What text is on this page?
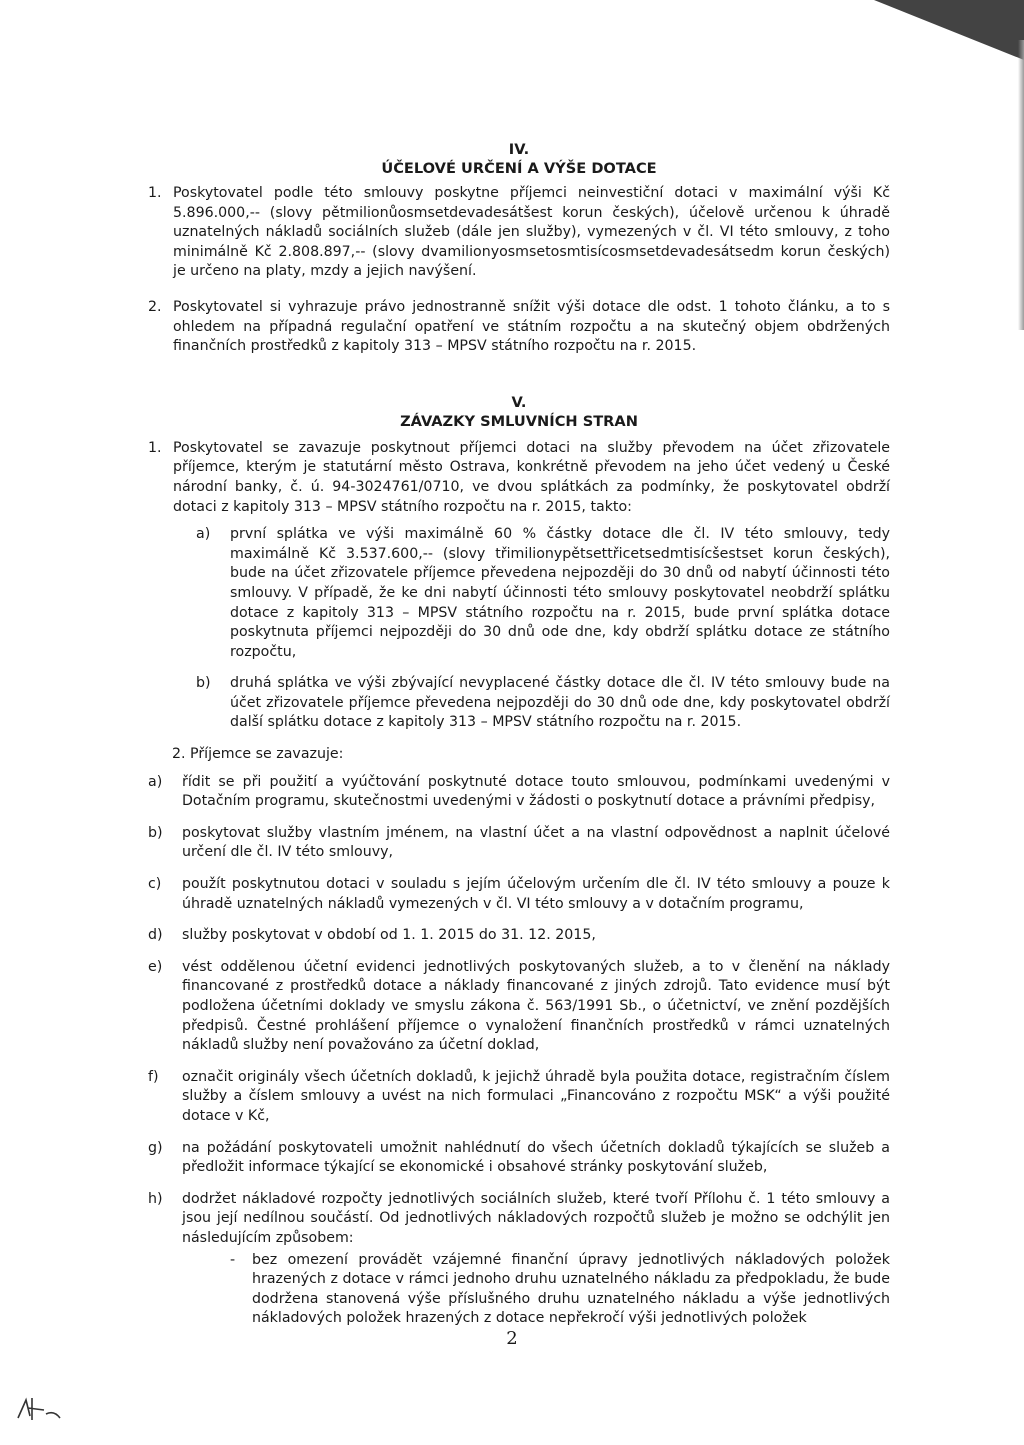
IV.
ÚČELOVÉ URČENÍ A VÝŠE DOTACE
1. Poskytovatel podle této smlouvy poskytne příjemci neinvestiční dotaci v maximální výši Kč 5.896.000,-- (slovy pětmilionůosmsetdevadesátšest korun českých), účelově určenou k úhradě uznatelných nákladů sociálních služeb (dále jen služby), vymezených v čl. VI této smlouvy, z toho minimálně Kč 2.808.897,-- (slovy dvamilionyosmsetosmtisícosmsetdevadesátsedm korun českých) je určeno na platy, mzdy a jejich navýšení.
2. Poskytovatel si vyhrazuje právo jednostranně snížit výši dotace dle odst. 1 tohoto článku, a to s ohledem na případná regulační opatření ve státním rozpočtu a na skutečný objem obdržených finančních prostředků z kapitoly 313 – MPSV státního rozpočtu na r. 2015.
V.
ZÁVAZKY SMLUVNÍCH STRAN
1. Poskytovatel se zavazuje poskytnout příjemci dotaci na služby převodem na účet zřizovatele příjemce, kterým je statutární město Ostrava, konkrétně převodem na jeho účet vedený u České národní banky, č. ú. 94-3024761/0710, ve dvou splátkách za podmínky, že poskytovatel obdrží dotaci z kapitoly 313 – MPSV státního rozpočtu na r. 2015, takto:
a) první splátka ve výši maximálně 60 % částky dotace dle čl. IV této smlouvy, tedy maximálně Kč 3.537.600,-- (slovy třimilionypětsettřicetsedmtisícšestset korun českých), bude na účet zřizovatele příjemce převedena nejpozději do 30 dnů od nabytí účinnosti této smlouvy. V případě, že ke dni nabytí účinnosti této smlouvy poskytovatel neobdrží splátku dotace z kapitoly 313 – MPSV státního rozpočtu na r. 2015, bude první splátka dotace poskytnuta příjemci nejpozději do 30 dnů ode dne, kdy obdrží splátku dotace ze státního rozpočtu,
b) druhá splátka ve výši zbývající nevyplacené částky dotace dle čl. IV této smlouvy bude na účet zřizovatele příjemce převedena nejpozději do 30 dnů ode dne, kdy poskytovatel obdrží další splátku dotace z kapitoly 313 – MPSV státního rozpočtu na r. 2015.
2. Příjemce se zavazuje:
a) řídit se při použití a vyúčtování poskytnuté dotace touto smlouvou, podmínkami uvedenými v Dotačním programu, skutečnostmi uvedenými v žádosti o poskytnutí dotace a právními předpisy,
b) poskytovat služby vlastním jménem, na vlastní účet a na vlastní odpovědnost a naplnit účelové určení dle čl. IV této smlouvy,
c) použít poskytnutou dotaci v souladu s jejím účelovým určením dle čl. IV této smlouvy a pouze k úhradě uznatelných nákladů vymezených v čl. VI této smlouvy a v dotačním programu,
d) služby poskytovat v období od 1. 1. 2015 do 31. 12. 2015,
e) vést oddělenou účetní evidenci jednotlivých poskytovaných služeb, a to v členění na náklady financované z prostředků dotace a náklady financované z jiných zdrojů. Tato evidence musí být podložena účetními doklady ve smyslu zákona č. 563/1991 Sb., o účetnictví, ve znění pozdějších předpisů. Čestné prohlášení příjemce o vynaložení finančních prostředků v rámci uznatelných nákladů služby není považováno za účetní doklad,
f) označit originály všech účetních dokladů, k jejichž úhradě byla použita dotace, registračním číslem služby a číslem smlouvy a uvést na nich formulaci „Financováno z rozpočtu MSK“ a výši použité dotace v Kč,
g) na požádání poskytovateli umožnit nahlédnutí do všech účetních dokladů týkajících se služeb a předložit informace týkající se ekonomické i obsahové stránky poskytování služeb,
h) dodržet nákladové rozpočty jednotlivých sociálních služeb, které tvoří Přílohu č. 1 této smlouvy a jsou její nedílnou součástí. Od jednotlivých nákladových rozpočtů služeb je možno se odchýlit jen následujícím způsobem:
- bez omezení provádět vzájemné finanční úpravy jednotlivých nákladových položek hrazených z dotace v rámci jednoho druhu uznatelného nákladu za předpokladu, že bude dodržena stanovená výše příslušného druhu uznatelného nákladu a výše jednotlivých nákladových položek hrazených z dotace nepřekročí výši jednotlivých položek
2
